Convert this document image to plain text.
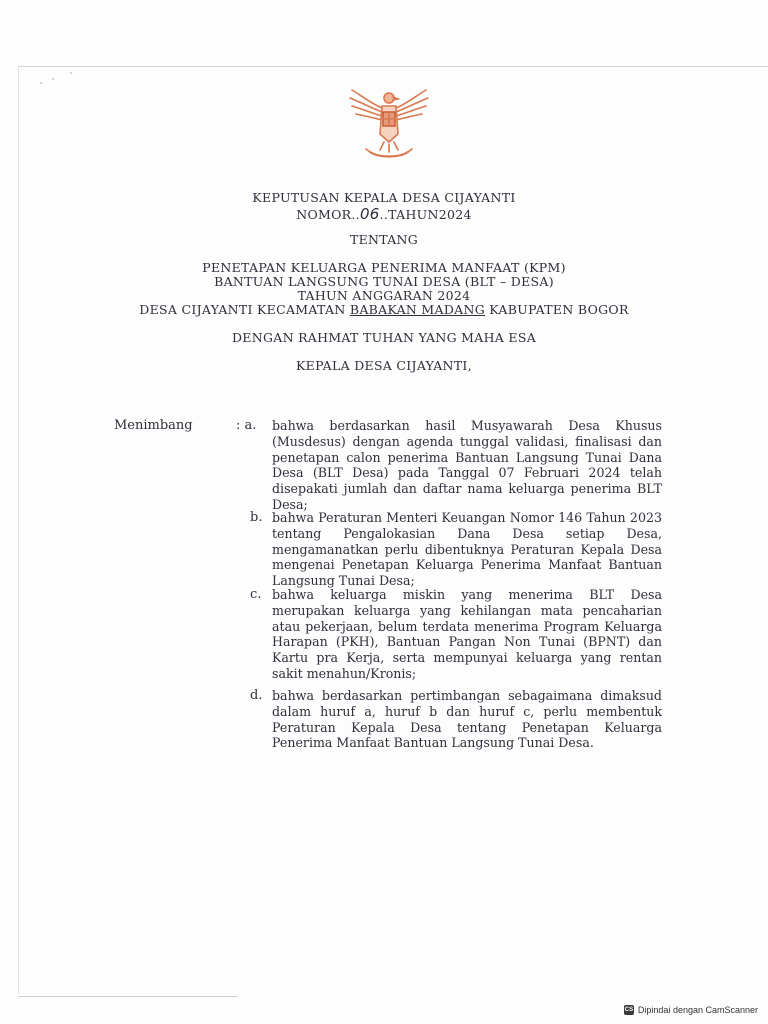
KEPUTUSAN KEPALA DESA CIJAYANTI
NOMOR..06..TAHUN2024
TENTANG
PENETAPAN KELUARGA PENERIMA MANFAAT (KPM)
BANTUAN LANGSUNG TUNAI DESA (BLT – DESA)
TAHUN ANGGARAN 2024
DESA CIJAYANTI KECAMATAN BABAKAN MADANG KABUPATEN BOGOR
DENGAN RAHMAT TUHAN YANG MAHA ESA
KEPALA DESA CIJAYANTI,
Menimbang	: a. bahwa berdasarkan hasil Musyawarah Desa Khusus (Musdesus) dengan agenda tunggal validasi, finalisasi dan penetapan calon penerima Bantuan Langsung Tunai Dana Desa (BLT Desa) pada Tanggal 07 Februari 2024 telah disepakati jumlah dan daftar nama keluarga penerima BLT Desa;
b. bahwa Peraturan Menteri Keuangan Nomor 146 Tahun 2023 tentang Pengalokasian Dana Desa setiap Desa, mengamanatkan perlu dibentuknya Peraturan Kepala Desa mengenai Penetapan Keluarga Penerima Manfaat Bantuan Langsung Tunai Desa;
c. bahwa keluarga miskin yang menerima BLT Desa merupakan keluarga yang kehilangan mata pencaharian atau pekerjaan, belum terdata menerima Program Keluarga Harapan (PKH), Bantuan Pangan Non Tunai (BPNT) dan Kartu pra Kerja, serta mempunyai keluarga yang rentan sakit menahun/Kronis;
d. bahwa berdasarkan pertimbangan sebagaimana dimaksud dalam huruf a, huruf b dan huruf c, perlu membentuk Peraturan Kepala Desa tentang Penetapan Keluarga Penerima Manfaat Bantuan Langsung Tunai Desa.
CS Dipindai dengan CamScanner
